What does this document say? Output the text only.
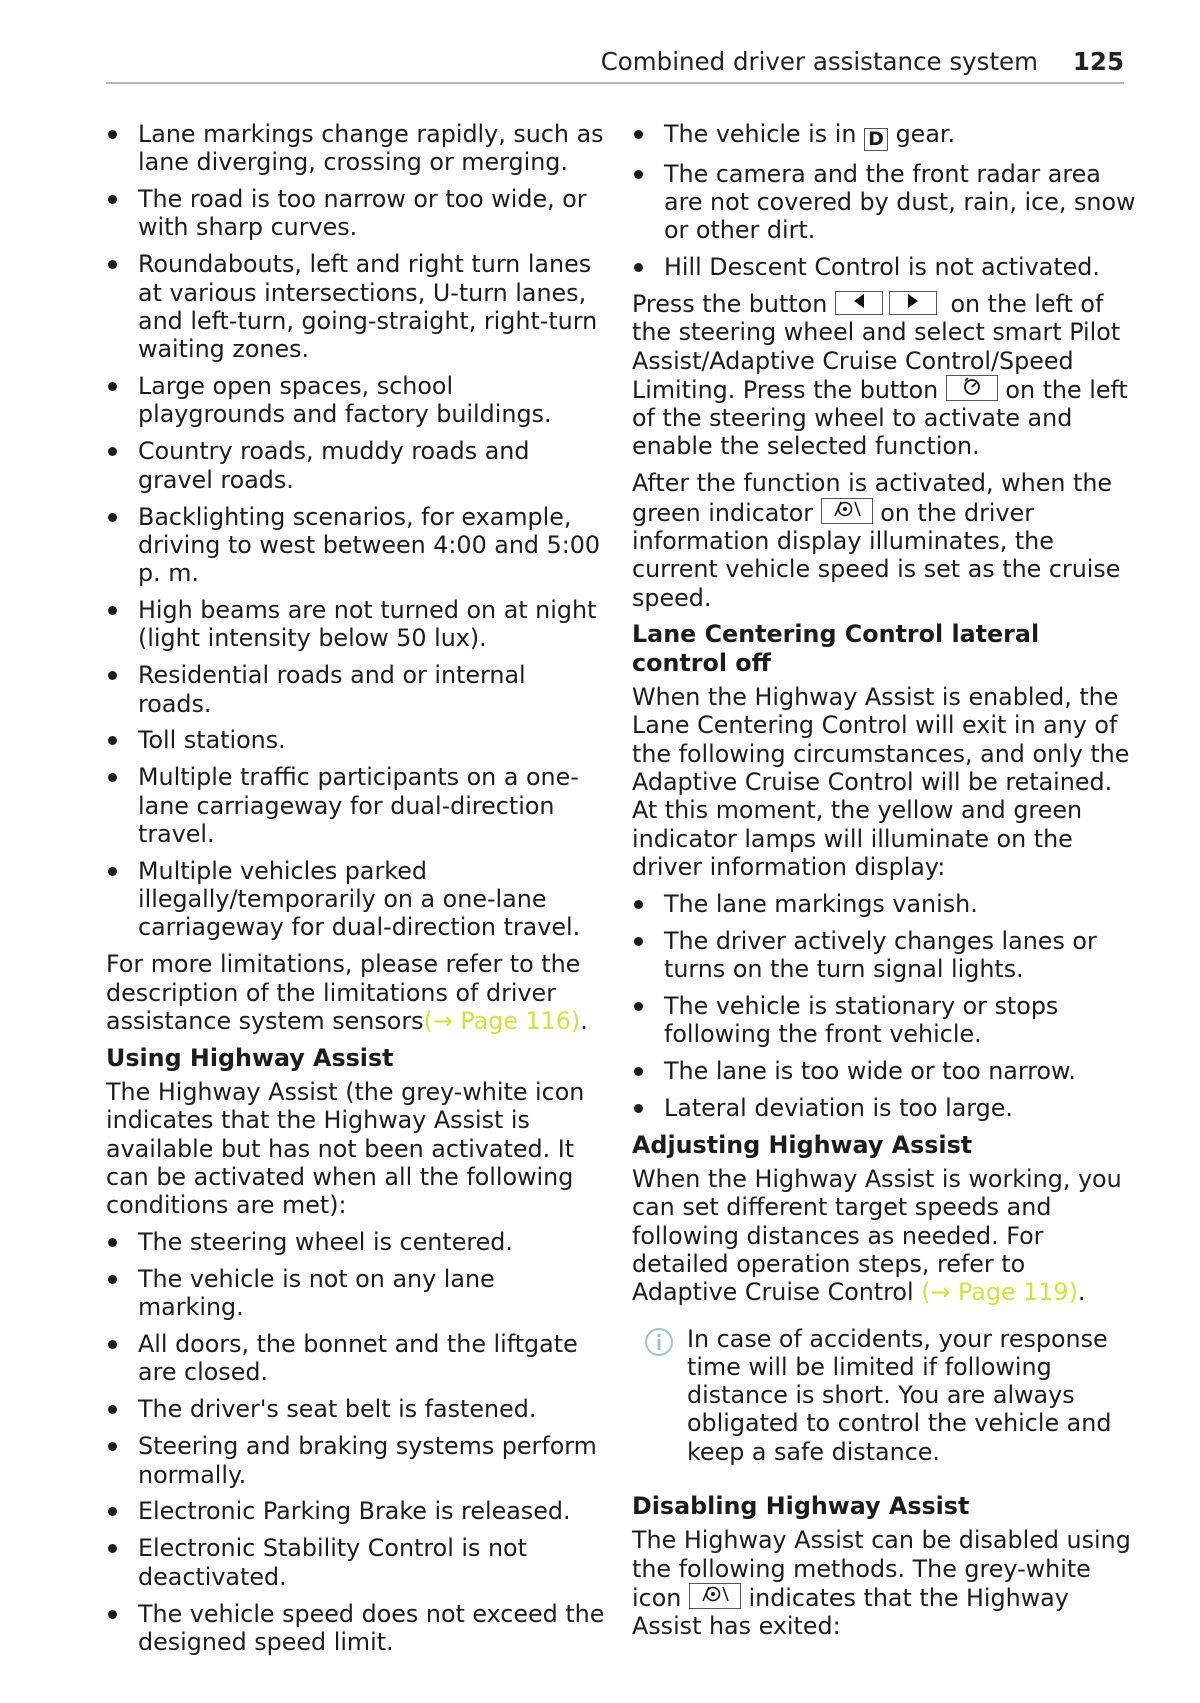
Combined driver assistance system 125
Lane markings change rapidly, such as lane diverging, crossing or merging.
The road is too narrow or too wide, or with sharp curves.
Roundabouts, left and right turn lanes at various intersections, U-turn lanes, and left-turn, going-straight, right-turn waiting zones.
Large open spaces, school playgrounds and factory buildings.
Country roads, muddy roads and gravel roads.
Backlighting scenarios, for example, driving to west between 4:00 and 5:00 p. m.
High beams are not turned on at night (light intensity below 50 lux).
Residential roads and or internal roads.
Toll stations.
Multiple traffic participants on a one-lane carriageway for dual-direction travel.
Multiple vehicles parked illegally/temporarily on a one-lane carriageway for dual-direction travel.

For more limitations, please refer to the description of the limitations of driver assistance system sensors(→ Page 116).

Using Highway Assist

The Highway Assist (the grey-white icon indicates that the Highway Assist is available but has not been activated. It can be activated when all the following conditions are met):

The steering wheel is centered.
The vehicle is not on any lane marking.
All doors, the bonnet and the liftgate are closed.
The driver's seat belt is fastened.
Steering and braking systems perform normally.
Electronic Parking Brake is released.
Electronic Stability Control is not deactivated.
The vehicle speed does not exceed the designed speed limit.
The vehicle is in D gear.
The camera and the front radar area are not covered by dust, rain, ice, snow or other dirt.
Hill Descent Control is not activated.

Press the button	on the left of the steering wheel and select smart Pilot Assist/Adaptive Cruise Control/Speed Limiting. Press the button	on the left of the steering wheel to activate and enable the selected function.

After the function is activated, when the green indicator	on the driver information display illuminates, the current vehicle speed is set as the cruise speed.

Lane Centering Control lateral control off

When the Highway Assist is enabled, the Lane Centering Control will exit in any of the following circumstances, and only the Adaptive Cruise Control will be retained. At this moment, the yellow and green indicator lamps will illuminate on the driver information display:

The lane markings vanish.
The driver actively changes lanes or turns on the turn signal lights.
The vehicle is stationary or stops following the front vehicle.
The lane is too wide or too narrow.
Lateral deviation is too large.
Adjusting Highway Assist

When the Highway Assist is working, you can set different target speeds and following distances as needed. For detailed operation steps, refer to Adaptive Cruise Control (→ Page 119).

In case of accidents, your response time will be limited if following distance is short. You are always obligated to control the vehicle and keep a safe distance.
Disabling Highway Assist

The Highway Assist can be disabled using the following methods. The grey-white icon	indicates that the Highway Assist has exited:
